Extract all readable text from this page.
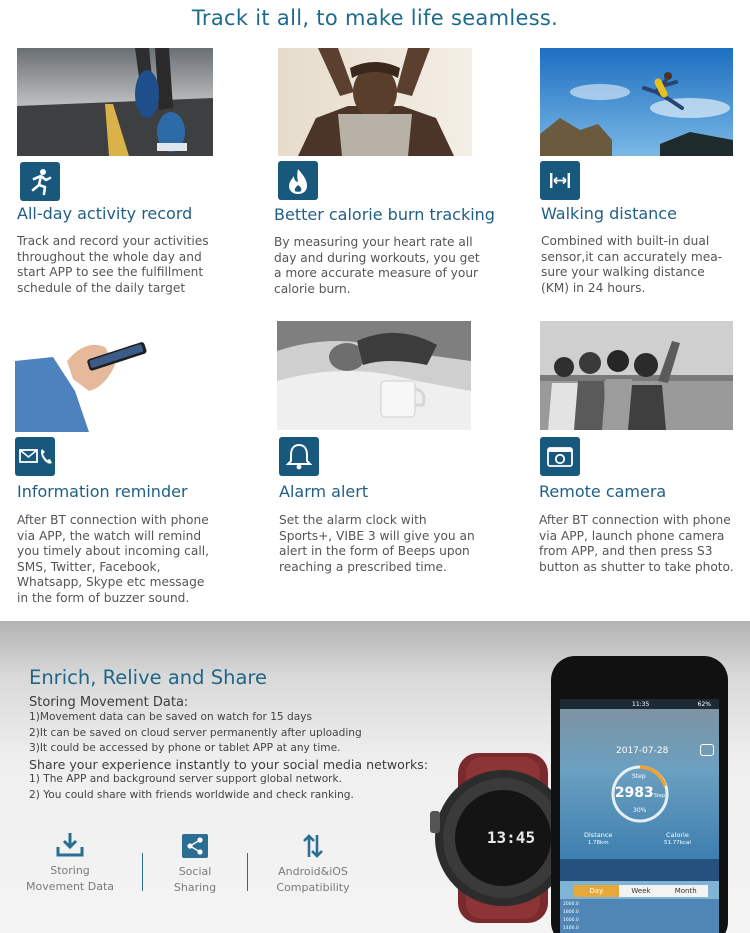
Track it all, to make life seamless.
All-day activity record
Track and record your activities
throughout the whole day and
start APP to see the fulfillment
schedule of the daily target
Better calorie burn tracking
By measuring your heart rate all
day and during workouts, you get
a more accurate measure of your
calorie burn.
Walking distance
Combined with built-in dual
sensor,it can accurately mea-
sure your walking distance
(KM) in 24 hours.
Information reminder
After BT connection with phone
via APP, the watch will remind
you timely about incoming call,
SMS, Twitter, Facebook,
Whatsapp, Skype etc message
in the form of buzzer sound.
Alarm alert
Set the alarm clock with
Sports+, VIBE 3 will give you an
alert in the form of Beeps upon
reaching a prescribed time.
Remote camera
After BT connection with phone
via APP, launch phone camera
from APP, and then press S3
button as shutter to take photo.
Enrich, Relive and Share
Storing Movement Data:
1)Movement data can be saved on watch for 15 days
2)It can be saved on cloud server permanently after uploading
3)It could be accessed by phone or tablet APP at any time.
Share your experience instantly to your social media networks:
1) The APP and background server support global network.
2) You could share with friends worldwide and check ranking.
Storing
Movement Data
Social
Sharing
Android&iOS
Compatibility
13:45
11:35	62%
2017-07-28
Step
2983Step
30%
Distance
1.78km
Calorie
51.77kcal
Day	Week	Month
2000.0
1800.0
1600.0
1400.0
